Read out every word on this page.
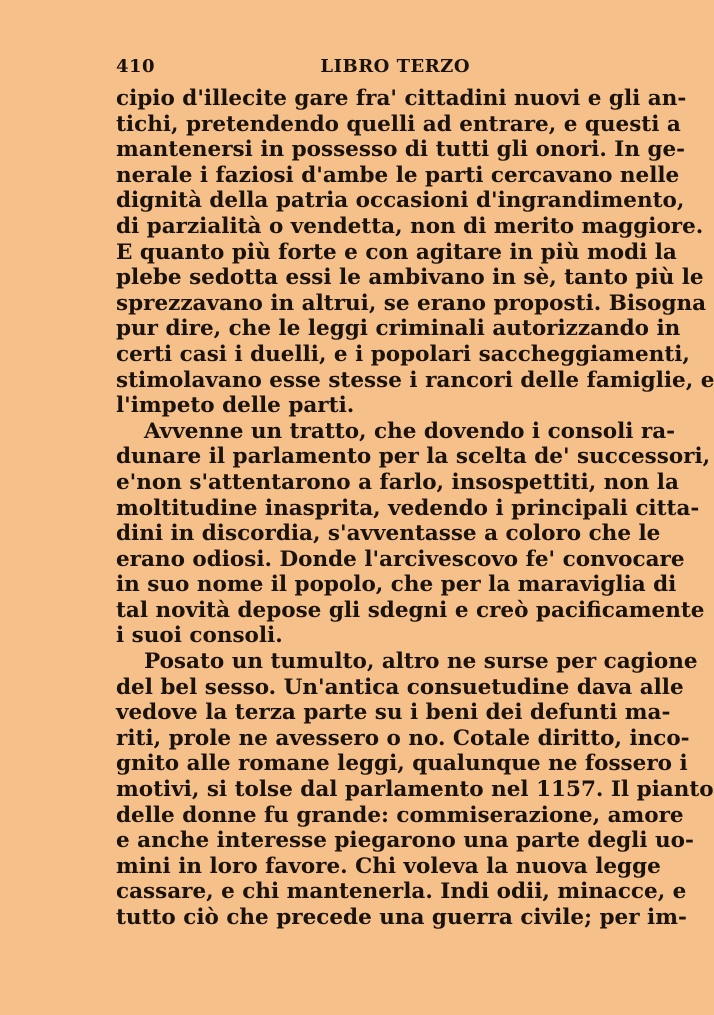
410	LIBRO TERZO
cipio d'illecite gare fra' cittadini nuovi e gli an-
tichi, pretendendo quelli ad entrare, e questi a
mantenersi in possesso di tutti gli onori. In ge-
nerale i faziosi d'ambe le parti cercavano nelle
dignità della patria occasioni d'ingrandimento,
di parzialità o vendetta, non di merito maggiore.
E quanto più forte e con agitare in più modi la
plebe sedotta essi le ambivano in sè, tanto più le
sprezzavano in altrui, se erano proposti. Bisogna
pur dire, che le leggi criminali autorizzando in
certi casi i duelli, e i popolari saccheggiamenti,
stimolavano esse stesse i rancori delle famiglie, e
l'impeto delle parti.
Avvenne un tratto, che dovendo i consoli ra-
dunare il parlamento per la scelta de' successori,
e'non s'attentarono a farlo, insospettiti, non la
moltitudine inasprita, vedendo i principali citta-
dini in discordia, s'avventasse a coloro che le
erano odiosi. Donde l'arcivescovo fe' convocare
in suo nome il popolo, che per la maraviglia di
tal novità depose gli sdegni e creò pacificamente
i suoi consoli.
Posato un tumulto, altro ne surse per cagione
del bel sesso. Un'antica consuetudine dava alle
vedove la terza parte su i beni dei defunti ma-
riti, prole ne avessero o no. Cotale diritto, inco-
gnito alle romane leggi, qualunque ne fossero i
motivi, si tolse dal parlamento nel 1157. Il pianto
delle donne fu grande: commiserazione, amore
e anche interesse piegarono una parte degli uo-
mini in loro favore. Chi voleva la nuova legge
cassare, e chi mantenerla. Indi odii, minacce, e
tutto ciò che precede una guerra civile; per im-
